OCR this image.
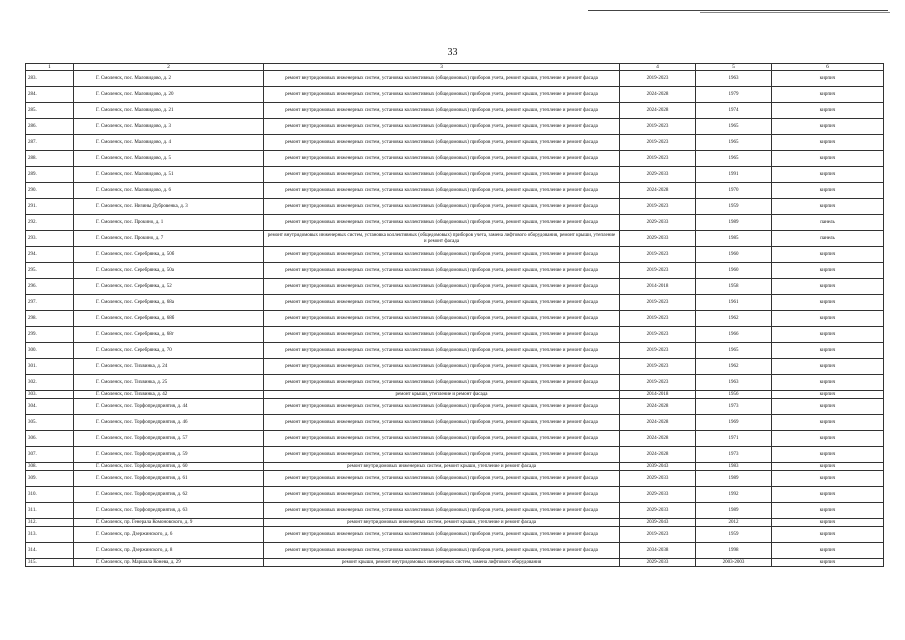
33
1	2	3	4	5	6
283.	Г. Смоленск, пос. Маловидово, д. 2	ремонт внутридомовых инженерных систем, установка коллективных (общедомовых) приборов учета, ремонт крыши, утепление и ремонт фасада	2019-2023	1963	кирпич
284.	Г. Смоленск, пос. Маловидово, д. 20	ремонт внутридомовых инженерных систем, установка коллективных (общедомовых) приборов учета, ремонт крыши, утепление и ремонт фасада	2024-2028	1979	кирпич
285.	Г. Смоленск, пос. Маловидово, д. 21	ремонт внутридомовых инженерных систем, установка коллективных (общедомовых) приборов учета, ремонт крыши, утепление и ремонт фасада	2024-2028	1974	кирпич
286.	Г. Смоленск, пос. Маловидово, д. 3	ремонт внутридомовых инженерных систем, установка коллективных (общедомовых) приборов учета, ремонт крыши, утепление и ремонт фасада	2019-2023	1965	кирпич
287.	Г. Смоленск, пос. Маловидово, д. 4	ремонт внутридомовых инженерных систем, установка коллективных (общедомовых) приборов учета, ремонт крыши, утепление и ремонт фасада	2019-2023	1965	кирпич
288.	Г. Смоленск, пос. Маловидово, д. 5	ремонт внутридомовых инженерных систем, установка коллективных (общедомовых) приборов учета, ремонт крыши, утепление и ремонт фасада	2019-2023	1965	кирпич
289.	Г. Смоленск, пос. Маловидово, д. 51	ремонт внутридомовых инженерных систем, установка коллективных (общедомовых) приборов учета, ремонт крыши, утепление и ремонт фасада	2029-2033	1991	кирпич
290.	Г. Смоленск, пос. Маловидово, д. 6	ремонт внутридомовых инженерных систем, установка коллективных (общедомовых) приборов учета, ремонт крыши, утепление и ремонт фасада	2024-2028	1970	кирпич
291.	Г. Смоленск, пос. Низины Дубровенка, д. 3	ремонт внутридомовых инженерных систем, установка коллективных (общедомовых) приборов учета, ремонт крыши, утепление и ремонт фасада	2019-2023	1959	кирпич
292.	Г. Смоленск, пос. Прокино, д. 1	ремонт внутридомовых инженерных систем, установка коллективных (общедомовых) приборов учета, ремонт крыши, утепление и ремонт фасада	2029-2033	1989	панель
293.	Г. Смоленск, пос. Прокино, д. 7	ремонт внутридомовых инженерных систем, установка коллективных (общедомовых) приборов учета, замена лифтового оборудования, ремонт крыши, утепление и ремонт фасада	2029-2033	1985	панель
294.	Г. Смоленск, пос. Серебрянка, д. 50б	ремонт внутридомовых инженерных систем, установка коллективных (общедомовых) приборов учета, ремонт крыши, утепление и ремонт фасада	2019-2023	1960	кирпич
295.	Г. Смоленск, пос. Серебрянка, д. 50а	ремонт внутридомовых инженерных систем, установка коллективных (общедомовых) приборов учета, ремонт крыши, утепление и ремонт фасада	2019-2023	1960	кирпич
296.	Г. Смоленск, пос. Серебрянка, д. 52	ремонт внутридомовых инженерных систем, установка коллективных (общедомовых) приборов учета, ремонт крыши, утепление и ремонт фасада	2014-2018	1958	кирпич
297.	Г. Смоленск, пос. Серебрянка, д. 68а	ремонт внутридомовых инженерных систем, установка коллективных (общедомовых) приборов учета, ремонт крыши, утепление и ремонт фасада	2019-2023	1961	кирпич
298.	Г. Смоленск, пос. Серебрянка, д. 68б	ремонт внутридомовых инженерных систем, установка коллективных (общедомовых) приборов учета, ремонт крыши, утепление и ремонт фасада	2019-2023	1962	кирпич
299.	Г. Смоленск, пос. Серебрянка, д. 68г	ремонт внутридомовых инженерных систем, установка коллективных (общедомовых) приборов учета, ремонт крыши, утепление и ремонт фасада	2019-2023	1966	кирпич
300.	Г. Смоленск, пос. Серебрянка, д. 70	ремонт внутридомовых инженерных систем, установка коллективных (общедомовых) приборов учета, ремонт крыши, утепление и ремонт фасада	2019-2023	1965	кирпич
301.	Г. Смоленск, пос. Тихвинка, д. 24	ремонт внутридомовых инженерных систем, установка коллективных (общедомовых) приборов учета, ремонт крыши, утепление и ремонт фасада	2019-2023	1962	кирпич
302.	Г. Смоленск, пос. Тихвинка, д. 25	ремонт внутридомовых инженерных систем, установка коллективных (общедомовых) приборов учета, ремонт крыши, утепление и ремонт фасада	2019-2023	1963	кирпич
303.	Г. Смоленск, пос. Тихвинка, д. 42	ремонт крыши, утепление и ремонт фасада	2014-2018	1956	кирпич
304.	Г. Смоленск, пос. Торфопредприятия, д. 44	ремонт внутридомовых инженерных систем, установка коллективных (общедомовых) приборов учета, ремонт крыши, утепление и ремонт фасада	2024-2028	1973	кирпич
305.	Г. Смоленск, пос. Торфопредприятия, д. 46	ремонт внутридомовых инженерных систем, установка коллективных (общедомовых) приборов учета, ремонт крыши, утепление и ремонт фасада	2024-2028	1969	кирпич
306.	Г. Смоленск, пос. Торфопредприятия, д. 57	ремонт внутридомовых инженерных систем, установка коллективных (общедомовых) приборов учета, ремонт крыши, утепление и ремонт фасада	2024-2028	1971	кирпич
307.	Г. Смоленск, пос. Торфопредприятия, д. 59	ремонт внутридомовых инженерных систем, установка коллективных (общедомовых) приборов учета, ремонт крыши, утепление и ремонт фасада	2024-2028	1973	кирпич
308.	Г. Смоленск, пос. Торфопредприятия, д. 60	ремонт внутридомовых инженерных систем, ремонт крыши, утепление и ремонт фасада	2039-2043	1983	кирпич
309.	Г. Смоленск, пос. Торфопредприятия, д. 61	ремонт внутридомовых инженерных систем, установка коллективных (общедомовых) приборов учета, ремонт крыши, утепление и ремонт фасада	2029-2033	1989	кирпич
310.	Г. Смоленск, пос. Торфопредприятия, д. 62	ремонт внутридомовых инженерных систем, установка коллективных (общедомовых) приборов учета, ремонт крыши, утепление и ремонт фасада	2029-2033	1992	кирпич
311.	Г. Смоленск, пос. Торфопредприятия, д. 63	ремонт внутридомовых инженерных систем, установка коллективных (общедомовых) приборов учета, ремонт крыши, утепление и ремонт фасада	2029-2033	1989	кирпич
312.	Г. Смоленск, пр. Генерала Комоновского, д. 9	ремонт внутридомовых инженерных систем, ремонт крыши, утепление и ремонт фасада	2039-2043	2012	кирпич
313.	Г. Смоленск, пр. Дзержинского, д. 6	ремонт внутридомовых инженерных систем, установка коллективных (общедомовых) приборов учета, ремонт крыши, утепление и ремонт фасада	2019-2023	1959	кирпич
314.	Г. Смоленск, пр. Дзержинского, д. 8	ремонт внутридомовых инженерных систем, установка коллективных (общедомовых) приборов учета, ремонт крыши, утепление и ремонт фасада	2034-2038	1998	кирпич
315.	Г. Смоленск, пр. Маршала Конева, д. 29	ремонт крыши, ремонт внутридомовых инженерных систем, замена лифтового оборудования	2029-2033	2003-2003	кирпич
